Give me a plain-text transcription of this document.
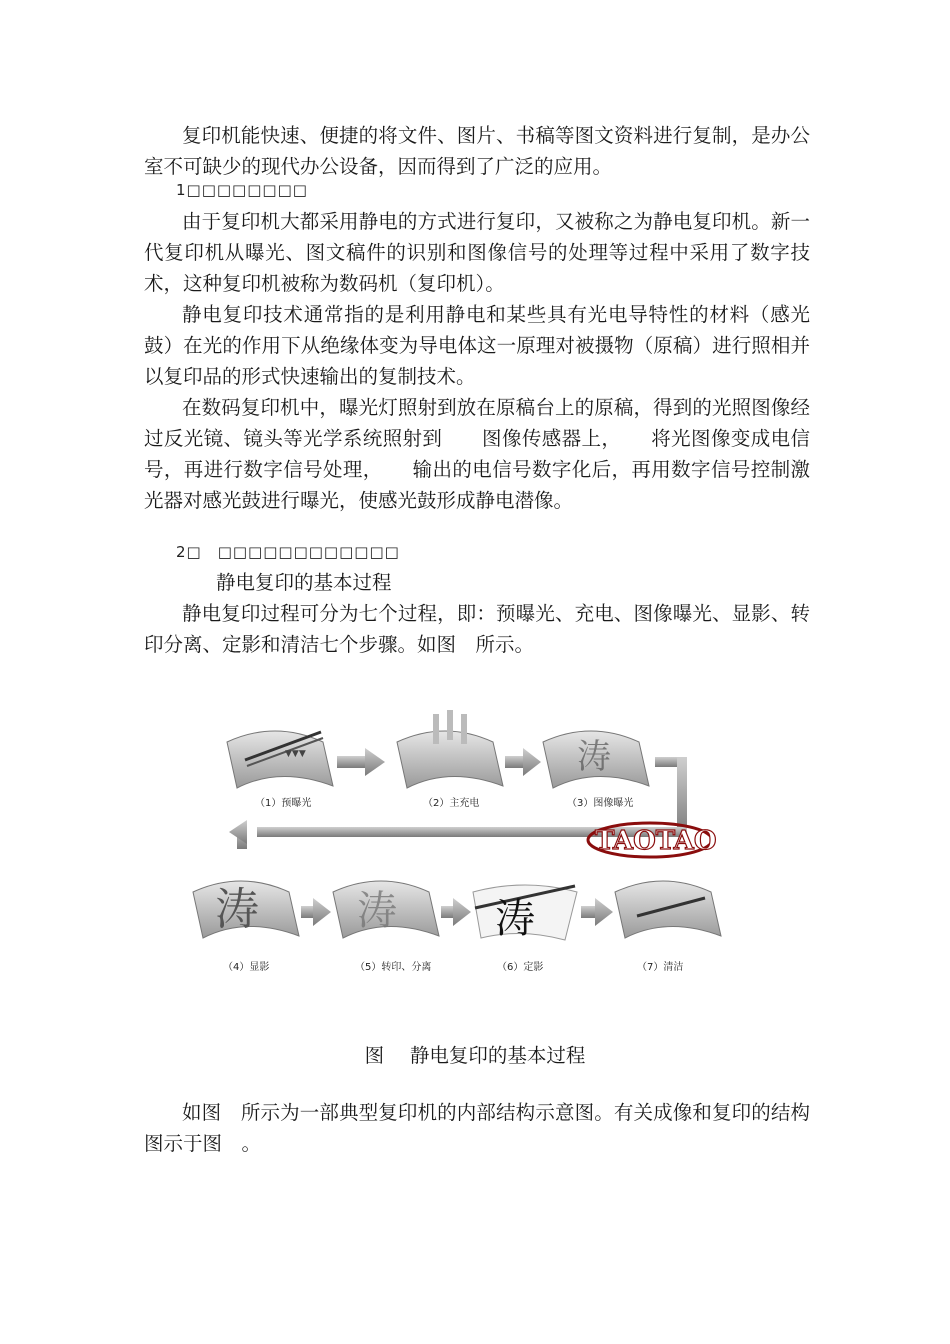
复印机能快速、便捷的将文件、图片、书稿等图文资料进行复制，是办公室不可缺少的现代办公设备，因而得到了广泛的应用。

1□□□□□□□□

由于复印机大都采用静电的方式进行复印，又被称之为静电复印机。新一代复印机从曝光、图文稿件的识别和图像信号的处理等过程中采用了数字技术，这种复印机被称为数码机（复印机）。

静电复印技术通常指的是利用静电和某些具有光电导特性的材料（感光鼓）在光的作用下从绝缘体变为导电体这一原理对被摄物（原稿）进行照相并以复印品的形式快速输出的复制技术。

在数码复印机中，曝光灯照射到放在原稿台上的原稿，得到的光照图像经过反光镜、镜头等光学系统照射到　　图像传感器上，　　将光图像变成电信号，再进行数字信号处理，　　输出的电信号数字化后，再用数字信号控制激光器对感光鼓进行曝光，使感光鼓形成静电潜像。

2□　□□□□□□□□□□□□
静电复印的基本过程

静电复印过程可分为七个过程，即：预曝光、充电、图像曝光、显影、转印分离、定影和清洁七个步骤。如图　所示。

▼▼▼	涛
TAOTAO
涛 涛 涛
（1）预曝光	（2）主充电	（3）图像曝光
（4）显影	（5）转印、分离	（6）定影	（7）清洁
图　 静电复印的基本过程

如图　所示为一部典型复印机的内部结构示意图。有关成像和复印的结构图示于图　。
